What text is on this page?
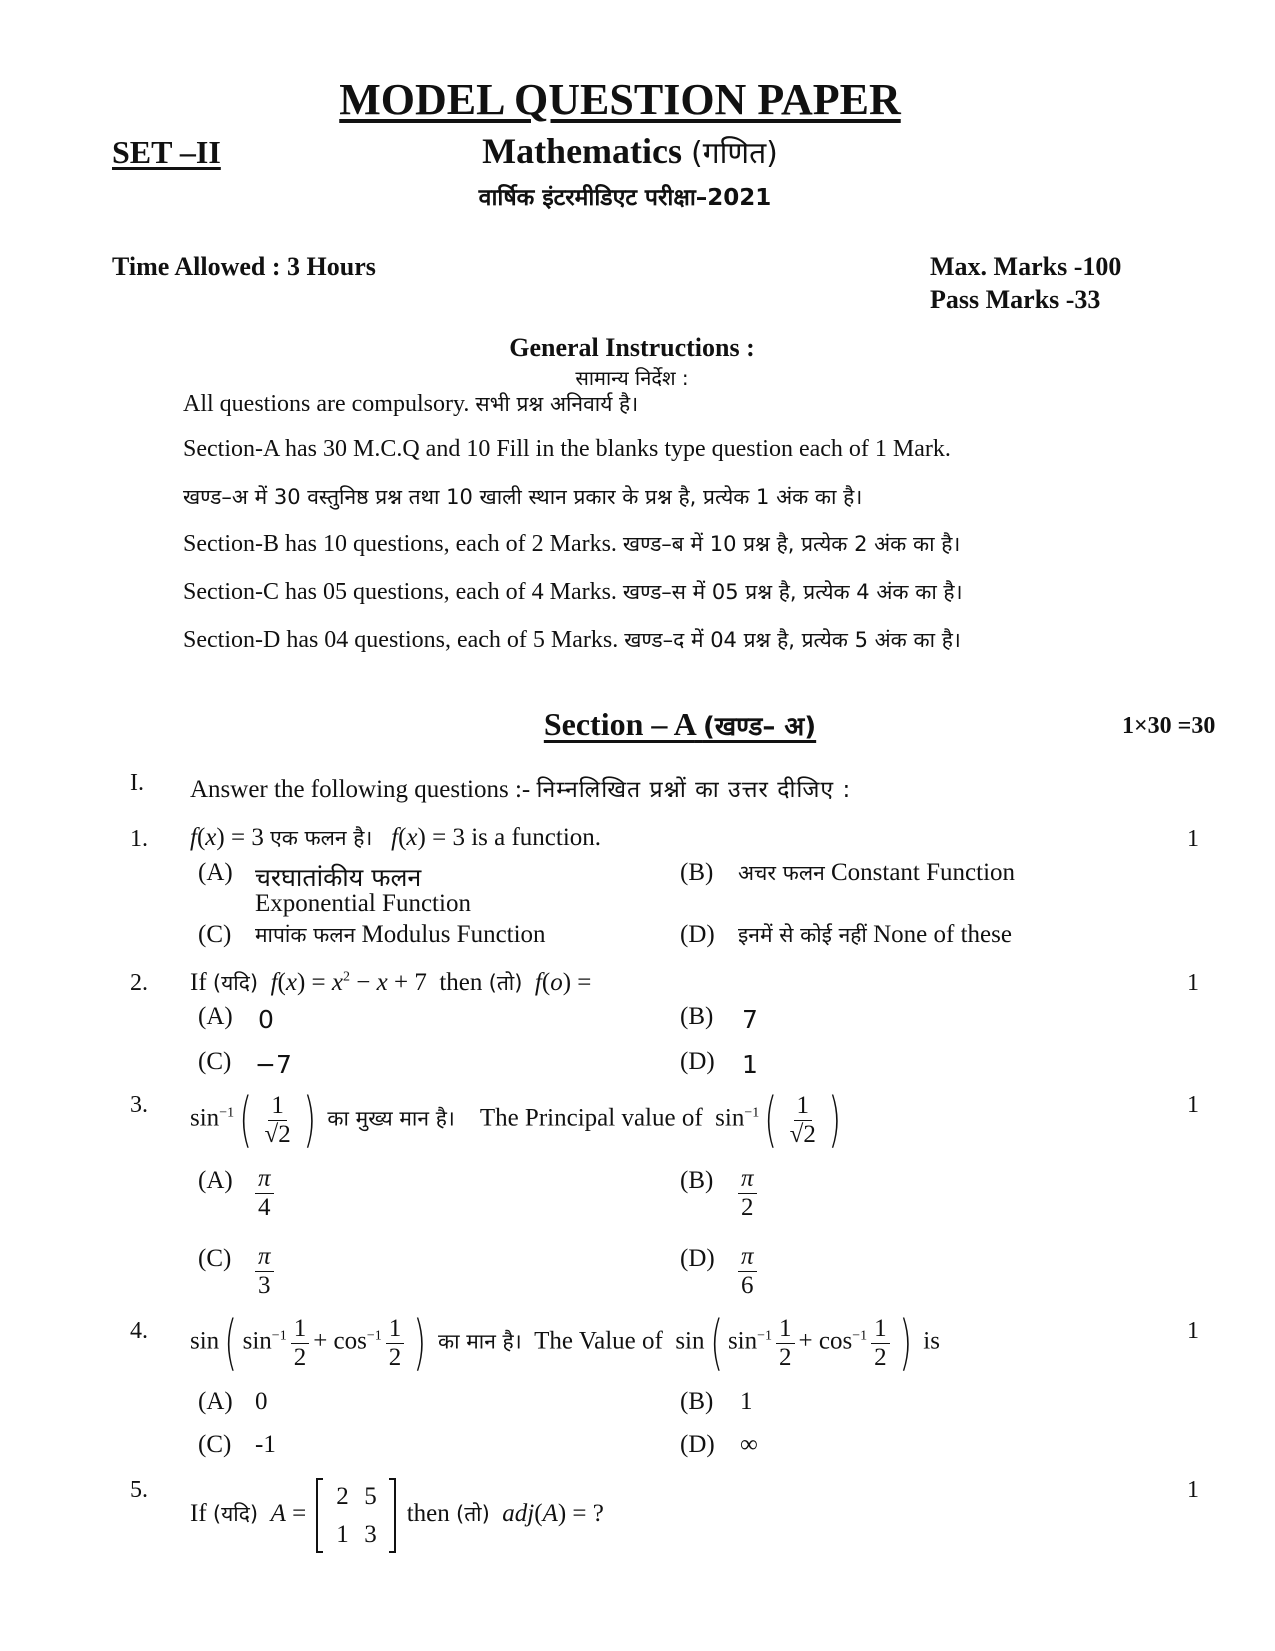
MODEL QUESTION PAPER
SET –II	Mathematics (गणित)
वार्षिक इंटरमीडिएट परीक्षा–2021
Time Allowed : 3 Hours	Max. Marks -100
Pass Marks -33
General Instructions :
सामान्य निर्देश :
All questions are compulsory. सभी प्रश्न अनिवार्य है।
Section-A has 30 M.C.Q and 10 Fill in the blanks type question each of 1 Mark.
खण्ड–अ में 30 वस्तुनिष्ठ प्रश्न तथा 10 खाली स्थान प्रकार के प्रश्न है, प्रत्येक 1 अंक का है।
Section-B has 10 questions, each of 2 Marks. खण्ड–ब में 10 प्रश्न है, प्रत्येक 2 अंक का है।
Section-C has 05 questions, each of 4 Marks. खण्ड–स में 05 प्रश्न है, प्रत्येक 4 अंक का है।
Section-D has 04 questions, each of 5 Marks. खण्ड–द में 04 प्रश्न है, प्रत्येक 5 अंक का है।
Section – A (खण्ड– अ)	1×30 =30
I. Answer the following questions :- निम्नलिखित प्रश्नों का उत्तर दीजिए :
1.	1
f(x) = 3 एक फलन है। f(x) = 3 is a function.
(A) चरघातांकीय फलन
Exponential Function
(B) अचर फलन Constant Function
(C) मापांक फलन Modulus Function	(D) इनमें से कोई नहीं None of these
2.	1
If (यदि) $f(x) = x^2 - x + 7$  then (तो) f(o) =
(A) 0	(B) 7
(C) −7	(D) 1
3.	1
$\sin^{-1}( \frac{1}{√2}$ ) का मुख्य मान है। The Principal value of  $\sin^{-1}( \frac{1}{√2}$ )
$(A) \frac{\pi}{4}$	$(B) \frac{\pi}{2}$
$(C) \frac{\pi}{3}$	$(D) \frac{\pi}{6}$
4.	1
sin( $\sin^{-1} \frac{1}{2} + \cos^{-1} \frac{1}{2}$ ) का मान है। The Value of  sin( $\sin^{-1} \frac{1}{2} + \cos^{-1} \frac{1}{2}$ ) is
(A) 0	(B) 1
(C) -1	(D) ∞
5.	1
If (यदि) A = 2 5
1 3 then (तो) adj(A) = ?
